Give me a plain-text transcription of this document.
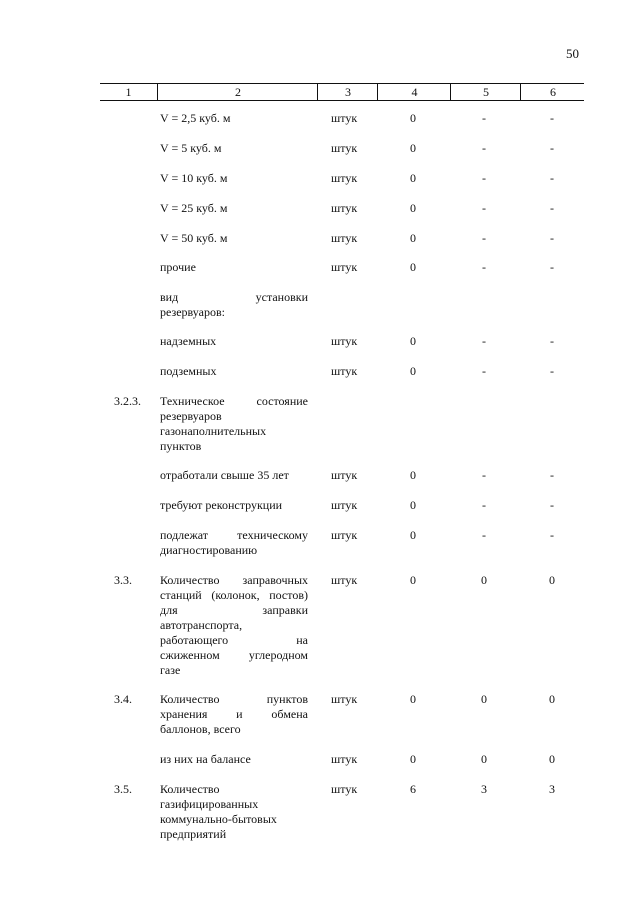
50
1	2	3	4	5	6
V = 2,5 куб. м	штук	0	-	-
V = 5 куб. м	штук	0	-	-
V = 10 куб. м	штук	0	-	-
V = 25 куб. м	штук	0	-	-
V = 50 куб. м	штук	0	-	-
прочие	штук	0	-	-
вид установки
резервуаров:
надземных	штук	0	-	-
подземных	штук	0	-	-
3.2.3.	Техническое состояние
резервуаров
газонаполнительных
пунктов
отработали свыше 35 лет	штук	0	-	-
требуют реконструкции	штук	0	-	-
подлежат техническому
диагностированию
штук	0	-	-
3.3.	Количество заправочных
станций (колонок, постов)
для заправки
автотранспорта,
работающего на
сжиженном углеродном
газе
штук	0	0	0
3.4.	Количество пунктов
хранения и обмена
баллонов, всего
штук	0	0	0
из них на балансе	штук	0	0	0
3.5.	Количество
газифицированных
коммунально-бытовых
предприятий
штук	6	3	3
